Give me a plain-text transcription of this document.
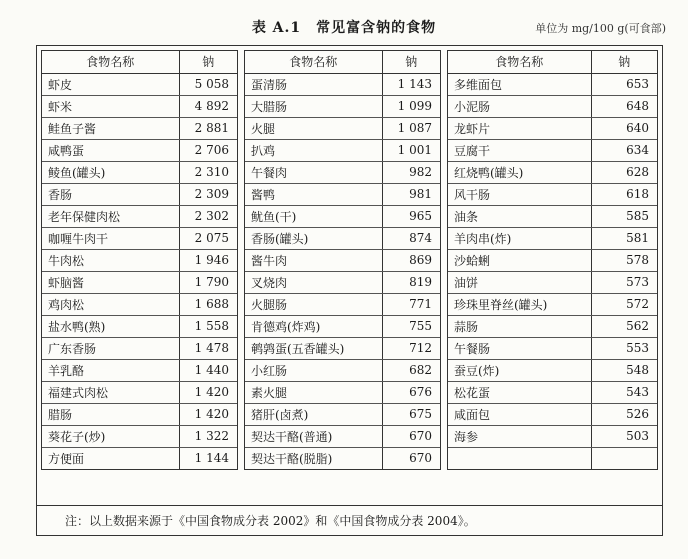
表 A.1　常见富含钠的食物	单位为 mg/100 g(可食部)
食物名称	钠
虾皮	5 058
虾米	4 892
鲑鱼子酱	2 881
咸鸭蛋	2 706
鲮鱼(罐头)	2 310
香肠	2 309
老年保健肉松	2 302
咖喱牛肉干	2 075
牛肉松	1 946
虾脑酱	1 790
鸡肉松	1 688
盐水鸭(熟)	1 558
广东香肠	1 478
羊乳酪	1 440
福建式肉松	1 420
腊肠	1 420
葵花子(炒)	1 322
方便面	1 144
食物名称	钠
蛋清肠	1 143
大腊肠	1 099
火腿	1 087
扒鸡	1 001
午餐肉	982
酱鸭	981
鱿鱼(干)	965
香肠(罐头)	874
酱牛肉	869
叉烧肉	819
火腿肠	771
肯德鸡(炸鸡)	755
鹌鹑蛋(五香罐头)	712
小红肠	682
素火腿	676
猪肝(卤煮)	675
契达干酪(普通)	670
契达干酪(脱脂)	670
食物名称	钠
多维面包	653
小泥肠	648
龙虾片	640
豆腐干	634
红烧鸭(罐头)	628
风干肠	618
油条	585
羊肉串(炸)	581
沙蛤蜊	578
油饼	573
珍珠里脊丝(罐头)	572
蒜肠	562
午餐肠	553
蚕豆(炸)	548
松花蛋	543
咸面包	526
海参	503

注：以上数据来源于《中国食物成分表 2002》和《中国食物成分表 2004》。
